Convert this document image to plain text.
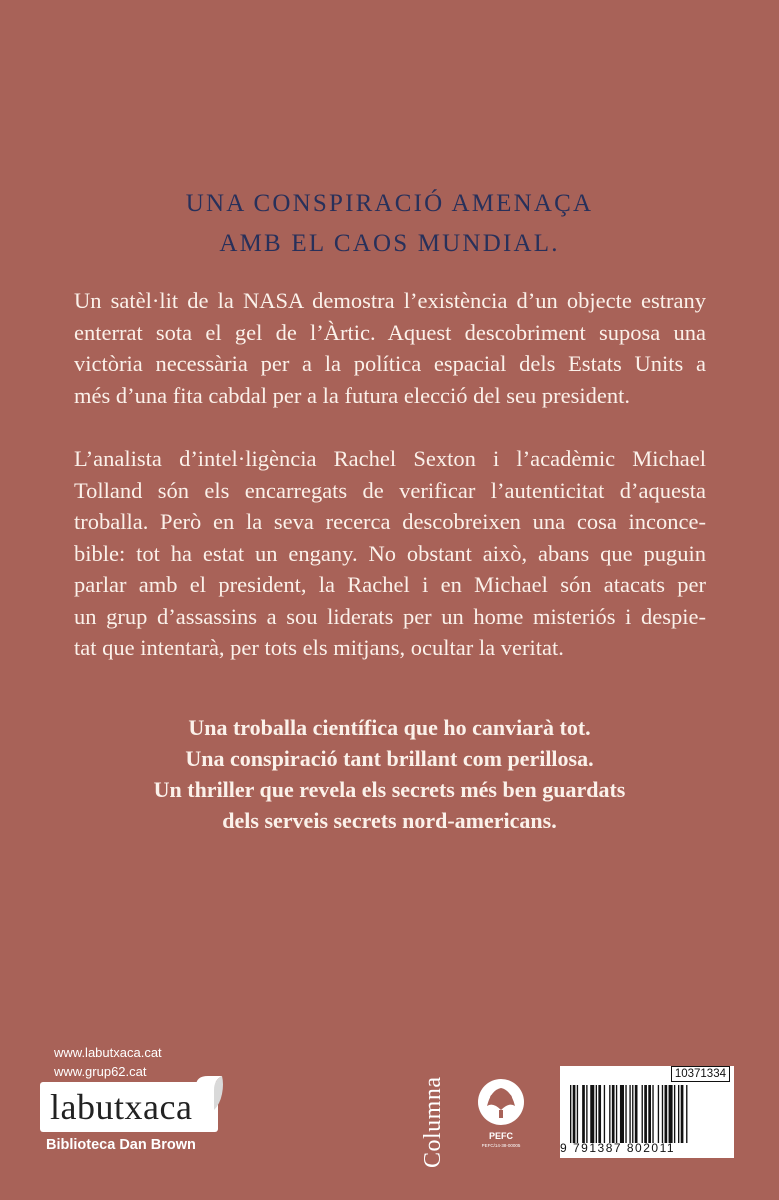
UNA CONSPIRACIÓ AMENAÇA
AMB EL CAOS MUNDIAL.
Un satèl·lit de la NASA demostra l’existència d’un objecte estrany
enterrat sota el gel de l’Àrtic. Aquest descobriment suposa una
victòria necessària per a la política espacial dels Estats Units a
més d’una fita cabdal per a la futura elecció del seu president.
L’analista d’intel·ligència Rachel Sexton i l’acadèmic Michael
Tolland són els encarregats de verificar l’autenticitat d’aquesta
troballa. Però en la seva recerca descobreixen una cosa inconce-
bible: tot ha estat un engany. No obstant això, abans que puguin
parlar amb el president, la Rachel i en Michael són atacats per
un grup d’assassins a sou liderats per un home misteriós i despie-
tat que intentarà, per tots els mitjans, ocultar la veritat.
Una troballa científica que ho canviarà tot.
Una conspiració tant brillant com perillosa.
Un thriller que revela els secrets més ben guardats
dels serveis secrets nord-americans.
www.labutxaca.cat
www.grup62.cat
labutxaca
Biblioteca Dan Brown	Columna	PEFC
PEFC/14-38-00005
10371334
9 791387 802011
